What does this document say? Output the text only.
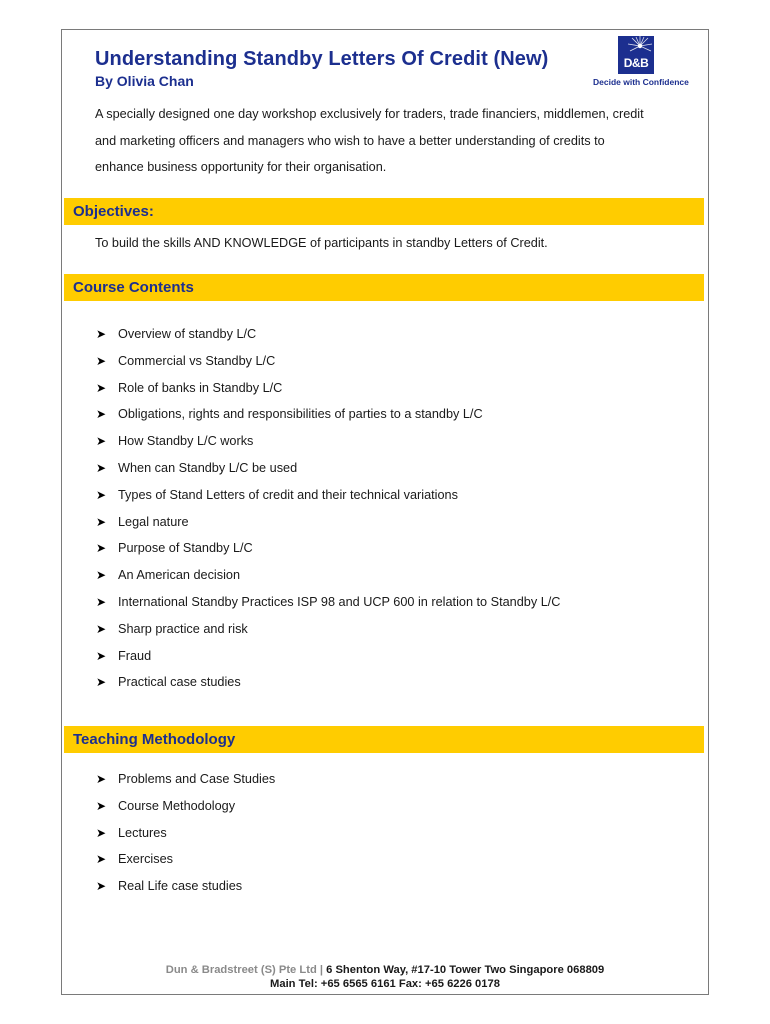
Understanding Standby Letters Of Credit (New)
By Olivia Chan
D&B
Decide with Confidence

A specially designed one day workshop exclusively for traders, trade financiers, middlemen, credit
and marketing officers and managers who wish to have a better understanding of credits to
enhance business opportunity for their organisation.

Objectives:

To build the skills AND KNOWLEDGE of participants in standby Letters of Credit.

Course Contents
➤ Overview of standby L/C
➤ Commercial vs Standby L/C
➤ Role of banks in Standby L/C
➤ Obligations, rights and responsibilities of parties to a standby L/C
➤ How Standby L/C works
➤ When can Standby L/C be used
➤ Types of Stand Letters of credit and their technical variations
➤ Legal nature
➤ Purpose of Standby L/C
➤ An American decision
➤ International Standby Practices ISP 98 and UCP 600 in relation to Standby L/C
➤ Sharp practice and risk
➤ Fraud
➤ Practical case studies
Teaching Methodology
➤ Problems and Case Studies
➤ Course Methodology
➤ Lectures
➤ Exercises
➤ Real Life case studies
Dun & Bradstreet (S) Pte Ltd | 6 Shenton Way, #17-10 Tower Two Singapore 068809
Main Tel: +65 6565 6161 Fax: +65 6226 0178
